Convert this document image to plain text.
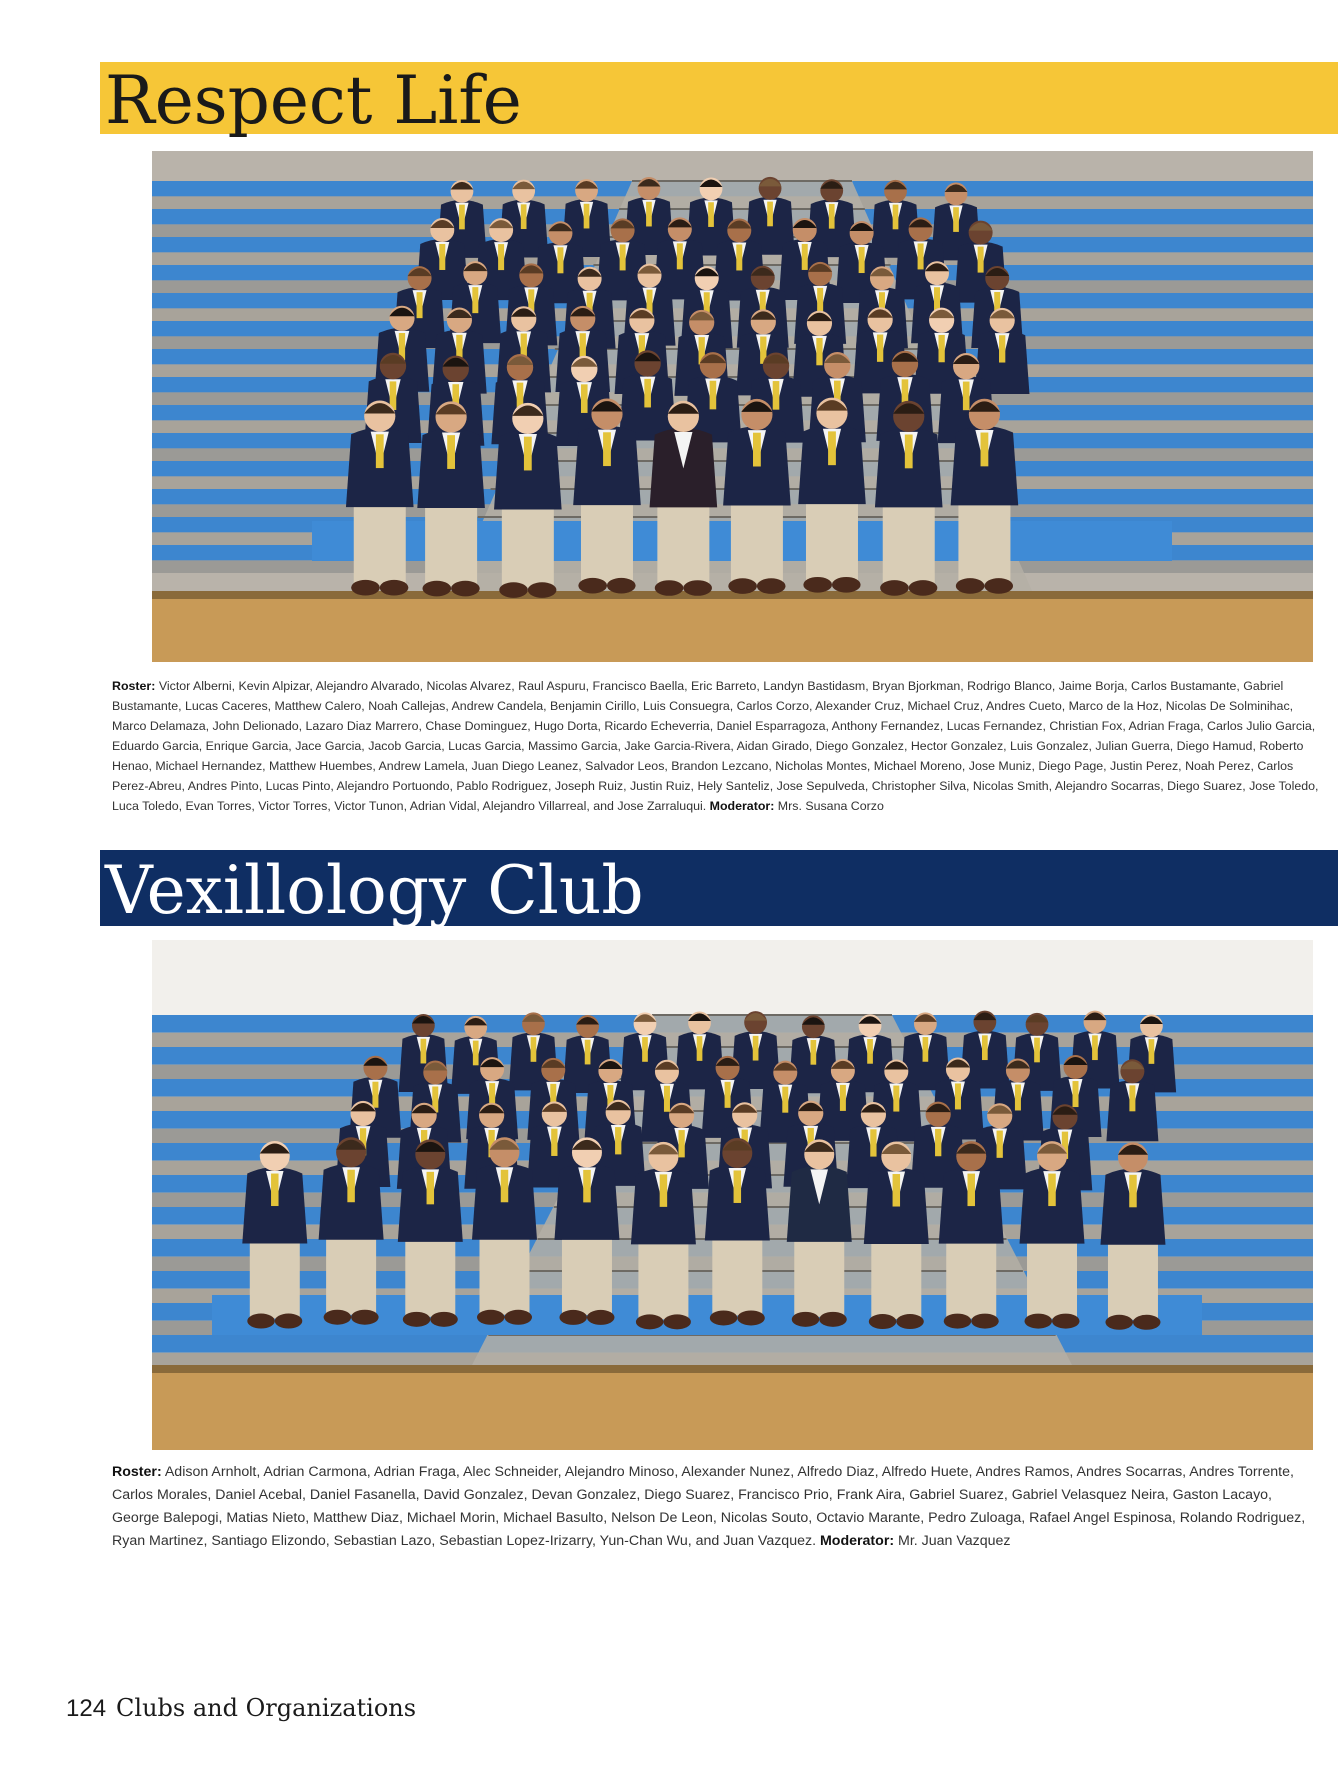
Respect Life
Roster: Victor Alberni, Kevin Alpizar, Alejandro Alvarado, Nicolas Alvarez, Raul Aspuru, Francisco Baella, Eric Barreto, Landyn Bastidasm, Bryan Bjorkman, Rodrigo Blanco, Jaime Borja, Carlos Bustamante, Gabriel Bustamante, Lucas Caceres, Matthew Calero, Noah Callejas, Andrew Candela, Benjamin Cirillo, Luis Consuegra, Carlos Corzo, Alexander Cruz, Michael Cruz, Andres Cueto, Marco de la Hoz, Nicolas De Solminihac, Marco Delamaza, John Delionado, Lazaro Diaz Marrero, Chase Dominguez, Hugo Dorta, Ricardo Echeverria, Daniel Esparragoza, Anthony Fernandez, Lucas Fernandez, Christian Fox, Adrian Fraga, Carlos Julio Garcia, Eduardo Garcia, Enrique Garcia, Jace Garcia, Jacob Garcia, Lucas Garcia, Massimo Garcia, Jake Garcia-Rivera, Aidan Girado, Diego Gonzalez, Hector Gonzalez, Luis Gonzalez, Julian Guerra, Diego Hamud, Roberto Henao, Michael Hernandez, Matthew Huembes, Andrew Lamela, Juan Diego Leanez, Salvador Leos, Brandon Lezcano, Nicholas Montes, Michael Moreno, Jose Muniz, Diego Page, Justin Perez, Noah Perez, Carlos Perez-Abreu, Andres Pinto, Lucas Pinto, Alejandro Portuondo, Pablo Rodriguez, Joseph Ruiz, Justin Ruiz, Hely Santeliz, Jose Sepulveda, Christopher Silva, Nicolas Smith, Alejandro Socarras, Diego Suarez, Jose Toledo, Luca Toledo, Evan Torres, Victor Torres, Victor Tunon, Adrian Vidal, Alejandro Villarreal, and Jose Zarraluqui. Moderator: Mrs. Susana Corzo
Vexillology Club
Roster: Adison Arnholt, Adrian Carmona, Adrian Fraga, Alec Schneider, Alejandro Minoso, Alexander Nunez, Alfredo Diaz, Alfredo Huete, Andres Ramos, Andres Socarras, Andres Torrente, Carlos Morales, Daniel Acebal, Daniel Fasanella, David Gonzalez, Devan Gonzalez, Diego Suarez, Francisco Prio, Frank Aira, Gabriel Suarez, Gabriel Velasquez Neira, Gaston Lacayo, George Balepogi, Matias Nieto, Matthew Diaz, Michael Morin, Michael Basulto, Nelson De Leon, Nicolas Souto, Octavio Marante, Pedro Zuloaga, Rafael Angel Espinosa, Rolando Rodriguez, Ryan Martinez, Santiago Elizondo, Sebastian Lazo, Sebastian Lopez-Irizarry, Yun-Chan Wu, and Juan Vazquez. Moderator: Mr. Juan Vazquez
124 Clubs and Organizations
